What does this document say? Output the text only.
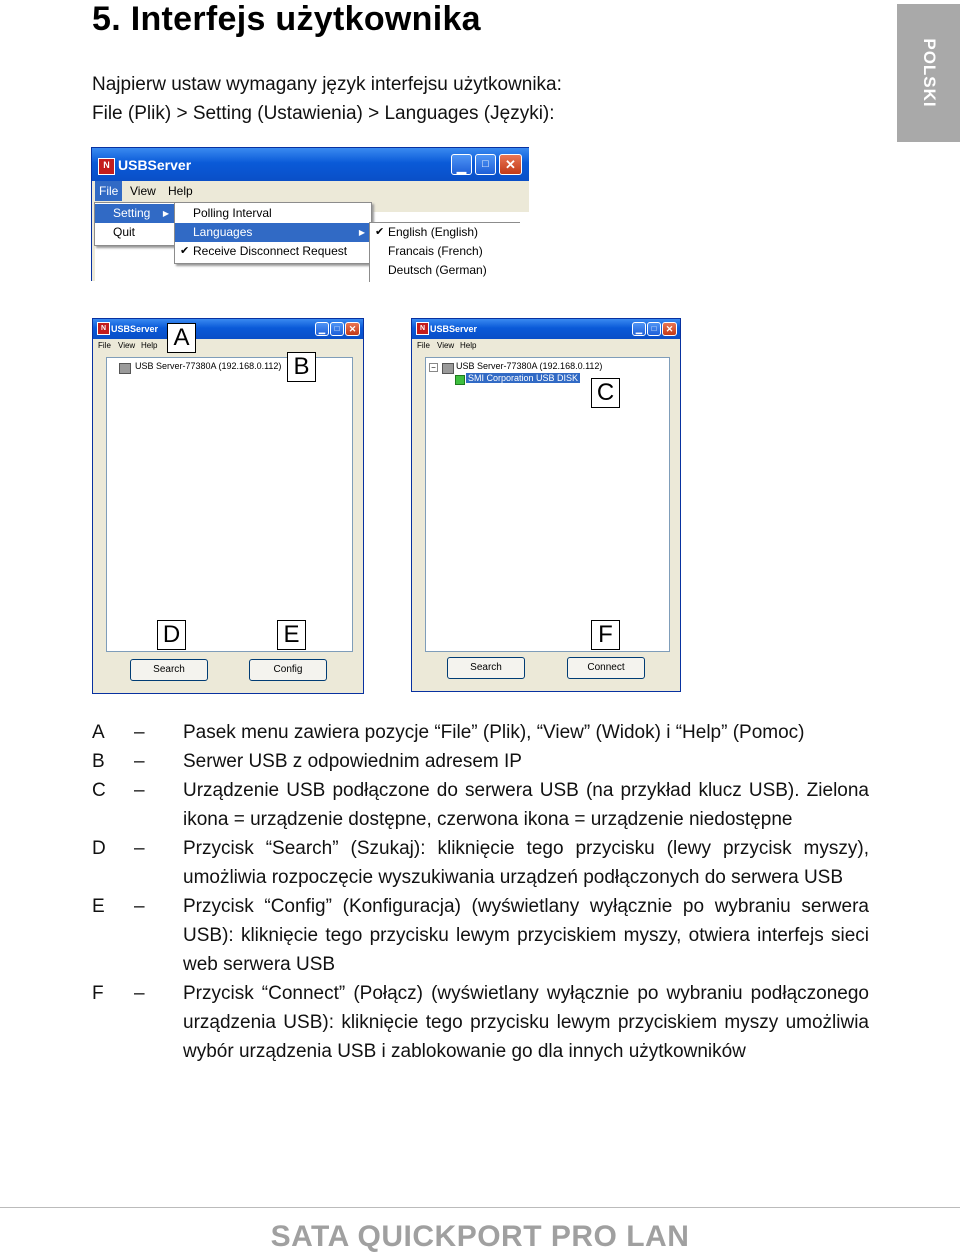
5. Interfejs użytkownika
Najpierw ustaw wymagany język interfejsu użytkownika:
File (Plik) > Setting (Ustawienia) > Languages (Języki):
POLSKI
N USBServer	▁	□	✕
File View Help
Setting ▶
Quit
Polling Interval
Languages	▶
✔ Receive Disconnect Request
✔ English (English)
Francais (French)
Deutsch (German)
N USBServer	▁	□	✕
File View Help
USB Server-77380A (192.168.0.112)
Search	Config
N USBServer	▁	□	✕
File View Help
− USB Server-77380A (192.168.0.112)
SMI Corporation USB DISK
Search	Connect
A
B
C
D	E	F
A – Pasek menu zawiera pozycje “File” (Plik), “View” (Widok) i “Help” (Pomoc)
B – Serwer USB z odpowiednim adresem IP
C – Urządzenie USB podłączone do serwera USB (na przykład klucz USB). Zielona ikona = urządzenie dostępne, czerwona ikona = urządzenie niedostępne
D – Przycisk “Search” (Szukaj): kliknięcie tego przycisku (lewy przycisk myszy), umożliwia rozpoczęcie wyszukiwania urządzeń podłączonych do serwera USB
E – Przycisk “Config” (Konfiguracja) (wyświetlany wyłącznie po wybraniu serwera USB): kliknięcie tego przycisku lewym przyciskiem myszy, otwiera interfejs sieci web serwera USB
F – Przycisk “Connect” (Połącz) (wyświetlany wyłącznie po wybraniu podłączonego urządzenia USB): kliknięcie tego przycisku lewym przyciskiem myszy umożliwia wybór urządzenia USB i zablokowanie go dla innych użytkowników
SATA QUICKPORT PRO LAN
